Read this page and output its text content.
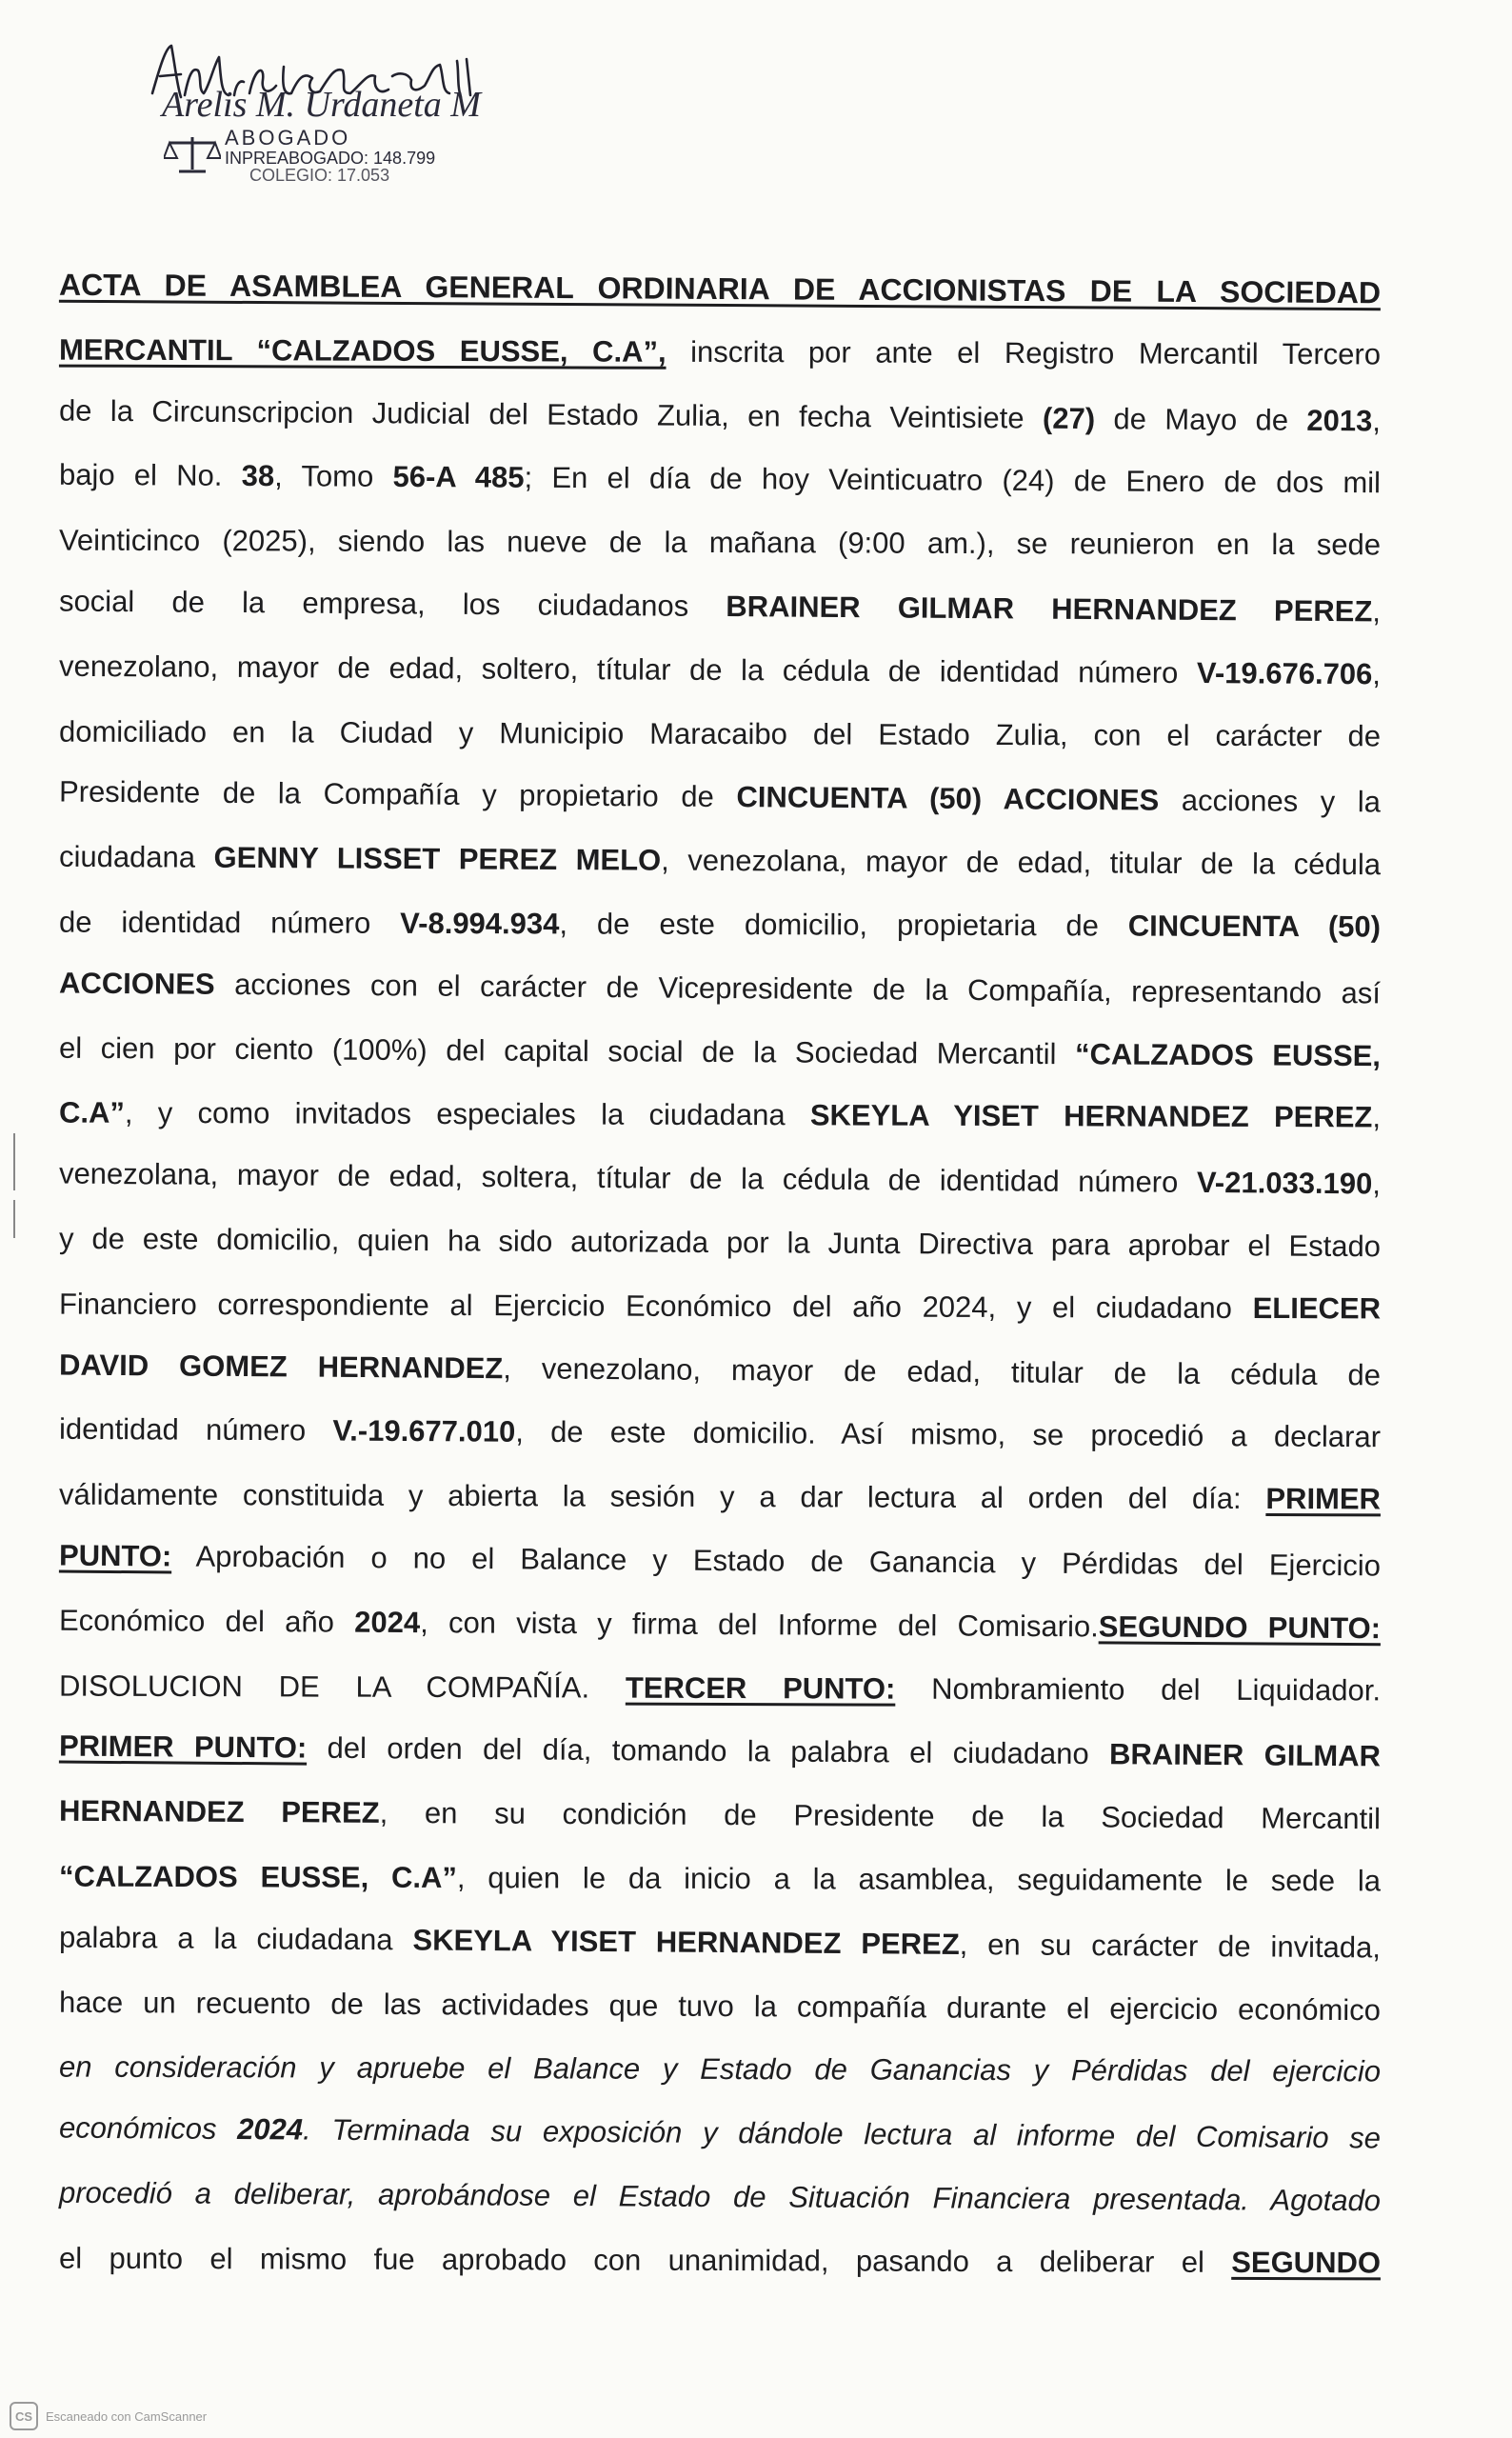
Arelis M. Urdaneta M
ABOGADO
INPREABOGADO: 148.799
COLEGIO: 17.053
ACTA DE ASAMBLEA GENERAL ORDINARIA DE ACCIONISTAS DE LA SOCIEDAD
MERCANTIL “CALZADOS EUSSE, C.A”, inscrita por ante el Registro Mercantil Tercero
de la Circunscripcion Judicial del Estado Zulia, en fecha Veintisiete (27) de Mayo de 2013,
bajo el No. 38, Tomo 56-A 485; En el día de hoy Veinticuatro (24) de Enero de dos mil
Veinticinco (2025), siendo las nueve de la mañana (9:00 am.), se reunieron en la sede
social de la empresa, los ciudadanos BRAINER GILMAR HERNANDEZ PEREZ,
venezolano, mayor de edad, soltero, títular de la cédula de identidad número V-19.676.706,
domiciliado en la Ciudad y Municipio Maracaibo del Estado Zulia, con el carácter de
Presidente de la Compañía y propietario de CINCUENTA (50) ACCIONES acciones y la
ciudadana GENNY LISSET PEREZ MELO, venezolana, mayor de edad, titular de la cédula
de identidad número V-8.994.934, de este domicilio, propietaria de CINCUENTA (50)
ACCIONES acciones con el carácter de Vicepresidente de la Compañía, representando así
el cien por ciento (100%) del capital social de la Sociedad Mercantil “CALZADOS EUSSE,
C.A”, y como invitados especiales la ciudadana SKEYLA YISET HERNANDEZ PEREZ,
venezolana, mayor de edad, soltera, títular de la cédula de identidad número V-21.033.190,
y de este domicilio, quien ha sido autorizada por la Junta Directiva para aprobar el Estado
Financiero correspondiente al Ejercicio Económico del año 2024, y el ciudadano ELIECER
DAVID GOMEZ HERNANDEZ, venezolano, mayor de edad, titular de la cédula de
identidad número V.-19.677.010, de este domicilio. Así mismo, se procedió a declarar
válidamente constituida y abierta la sesión y a dar lectura al orden del día: PRIMER
PUNTO: Aprobación o no el Balance y Estado de Ganancia y Pérdidas del Ejercicio
Económico del año 2024, con vista y firma del Informe del Comisario.SEGUNDO PUNTO:
DISOLUCION DE LA COMPAÑÍA. TERCER PUNTO: Nombramiento del Liquidador.
PRIMER PUNTO: del orden del día, tomando la palabra el ciudadano BRAINER GILMAR
HERNANDEZ PEREZ, en su condición de Presidente de la Sociedad Mercantil
“CALZADOS EUSSE, C.A”, quien le da inicio a la asamblea, seguidamente le sede la
palabra a la ciudadana SKEYLA YISET HERNANDEZ PEREZ, en su carácter de invitada,
hace un recuento de las actividades que tuvo la compañía durante el ejercicio económico
en consideración y apruebe el Balance y Estado de Ganancias y Pérdidas del ejercicio
económicos 2024. Terminada su exposición y dándole lectura al informe del Comisario se
procedió a deliberar, aprobándose el Estado de Situación Financiera presentada. Agotado
el punto el mismo fue aprobado con unanimidad, pasando a deliberar el SEGUNDO
CS	Escaneado con CamScanner
